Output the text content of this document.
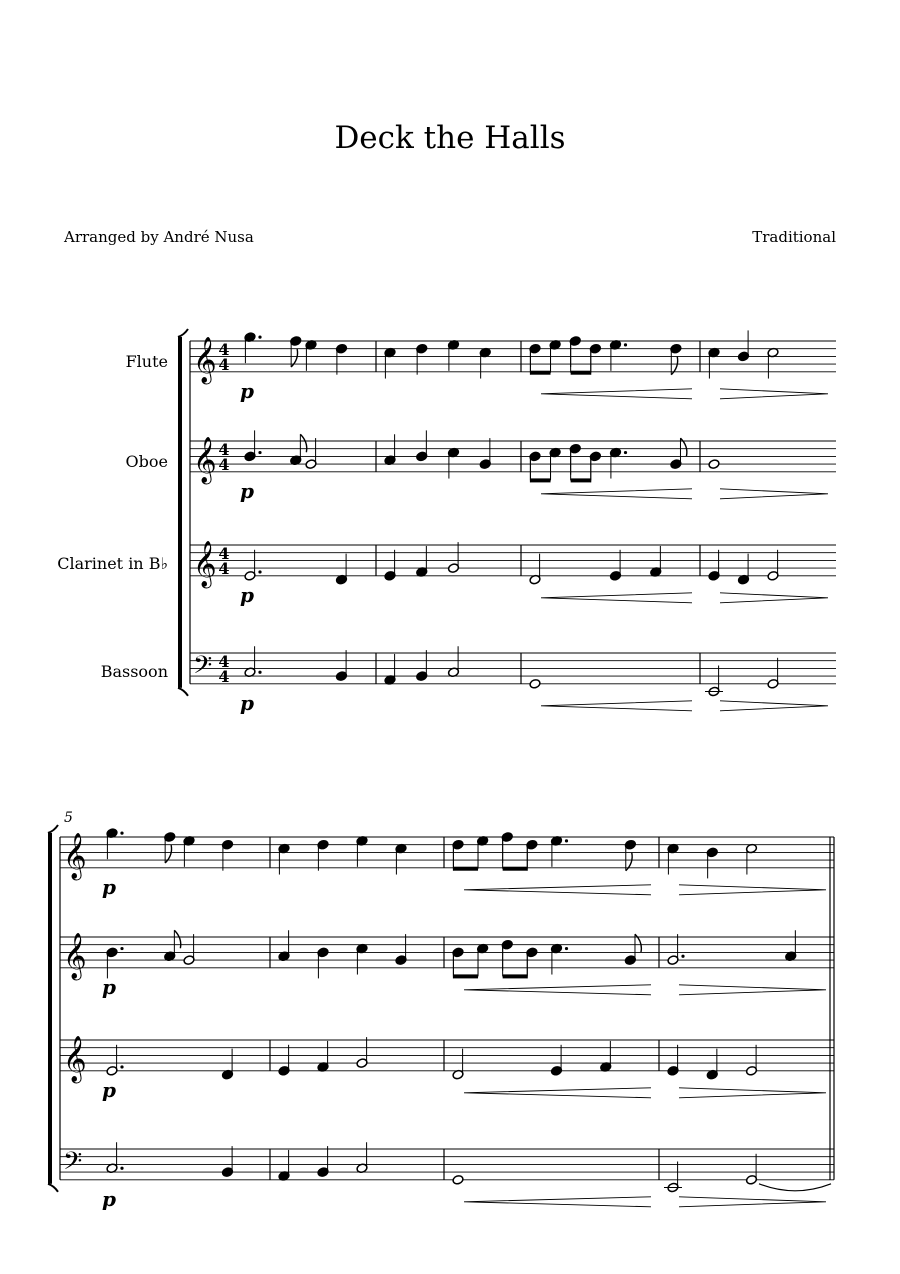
Deck the Halls
Arranged by André Nusa	Traditional
Flute
Oboe
Clarinet in B♭
Bassoon
5
𝄞 4
4
p
𝄞 4
4
p
𝄞 4
4
p
𝄢 4
4
p
𝄞
p
𝄞
p
𝄞
p
𝄢
p
